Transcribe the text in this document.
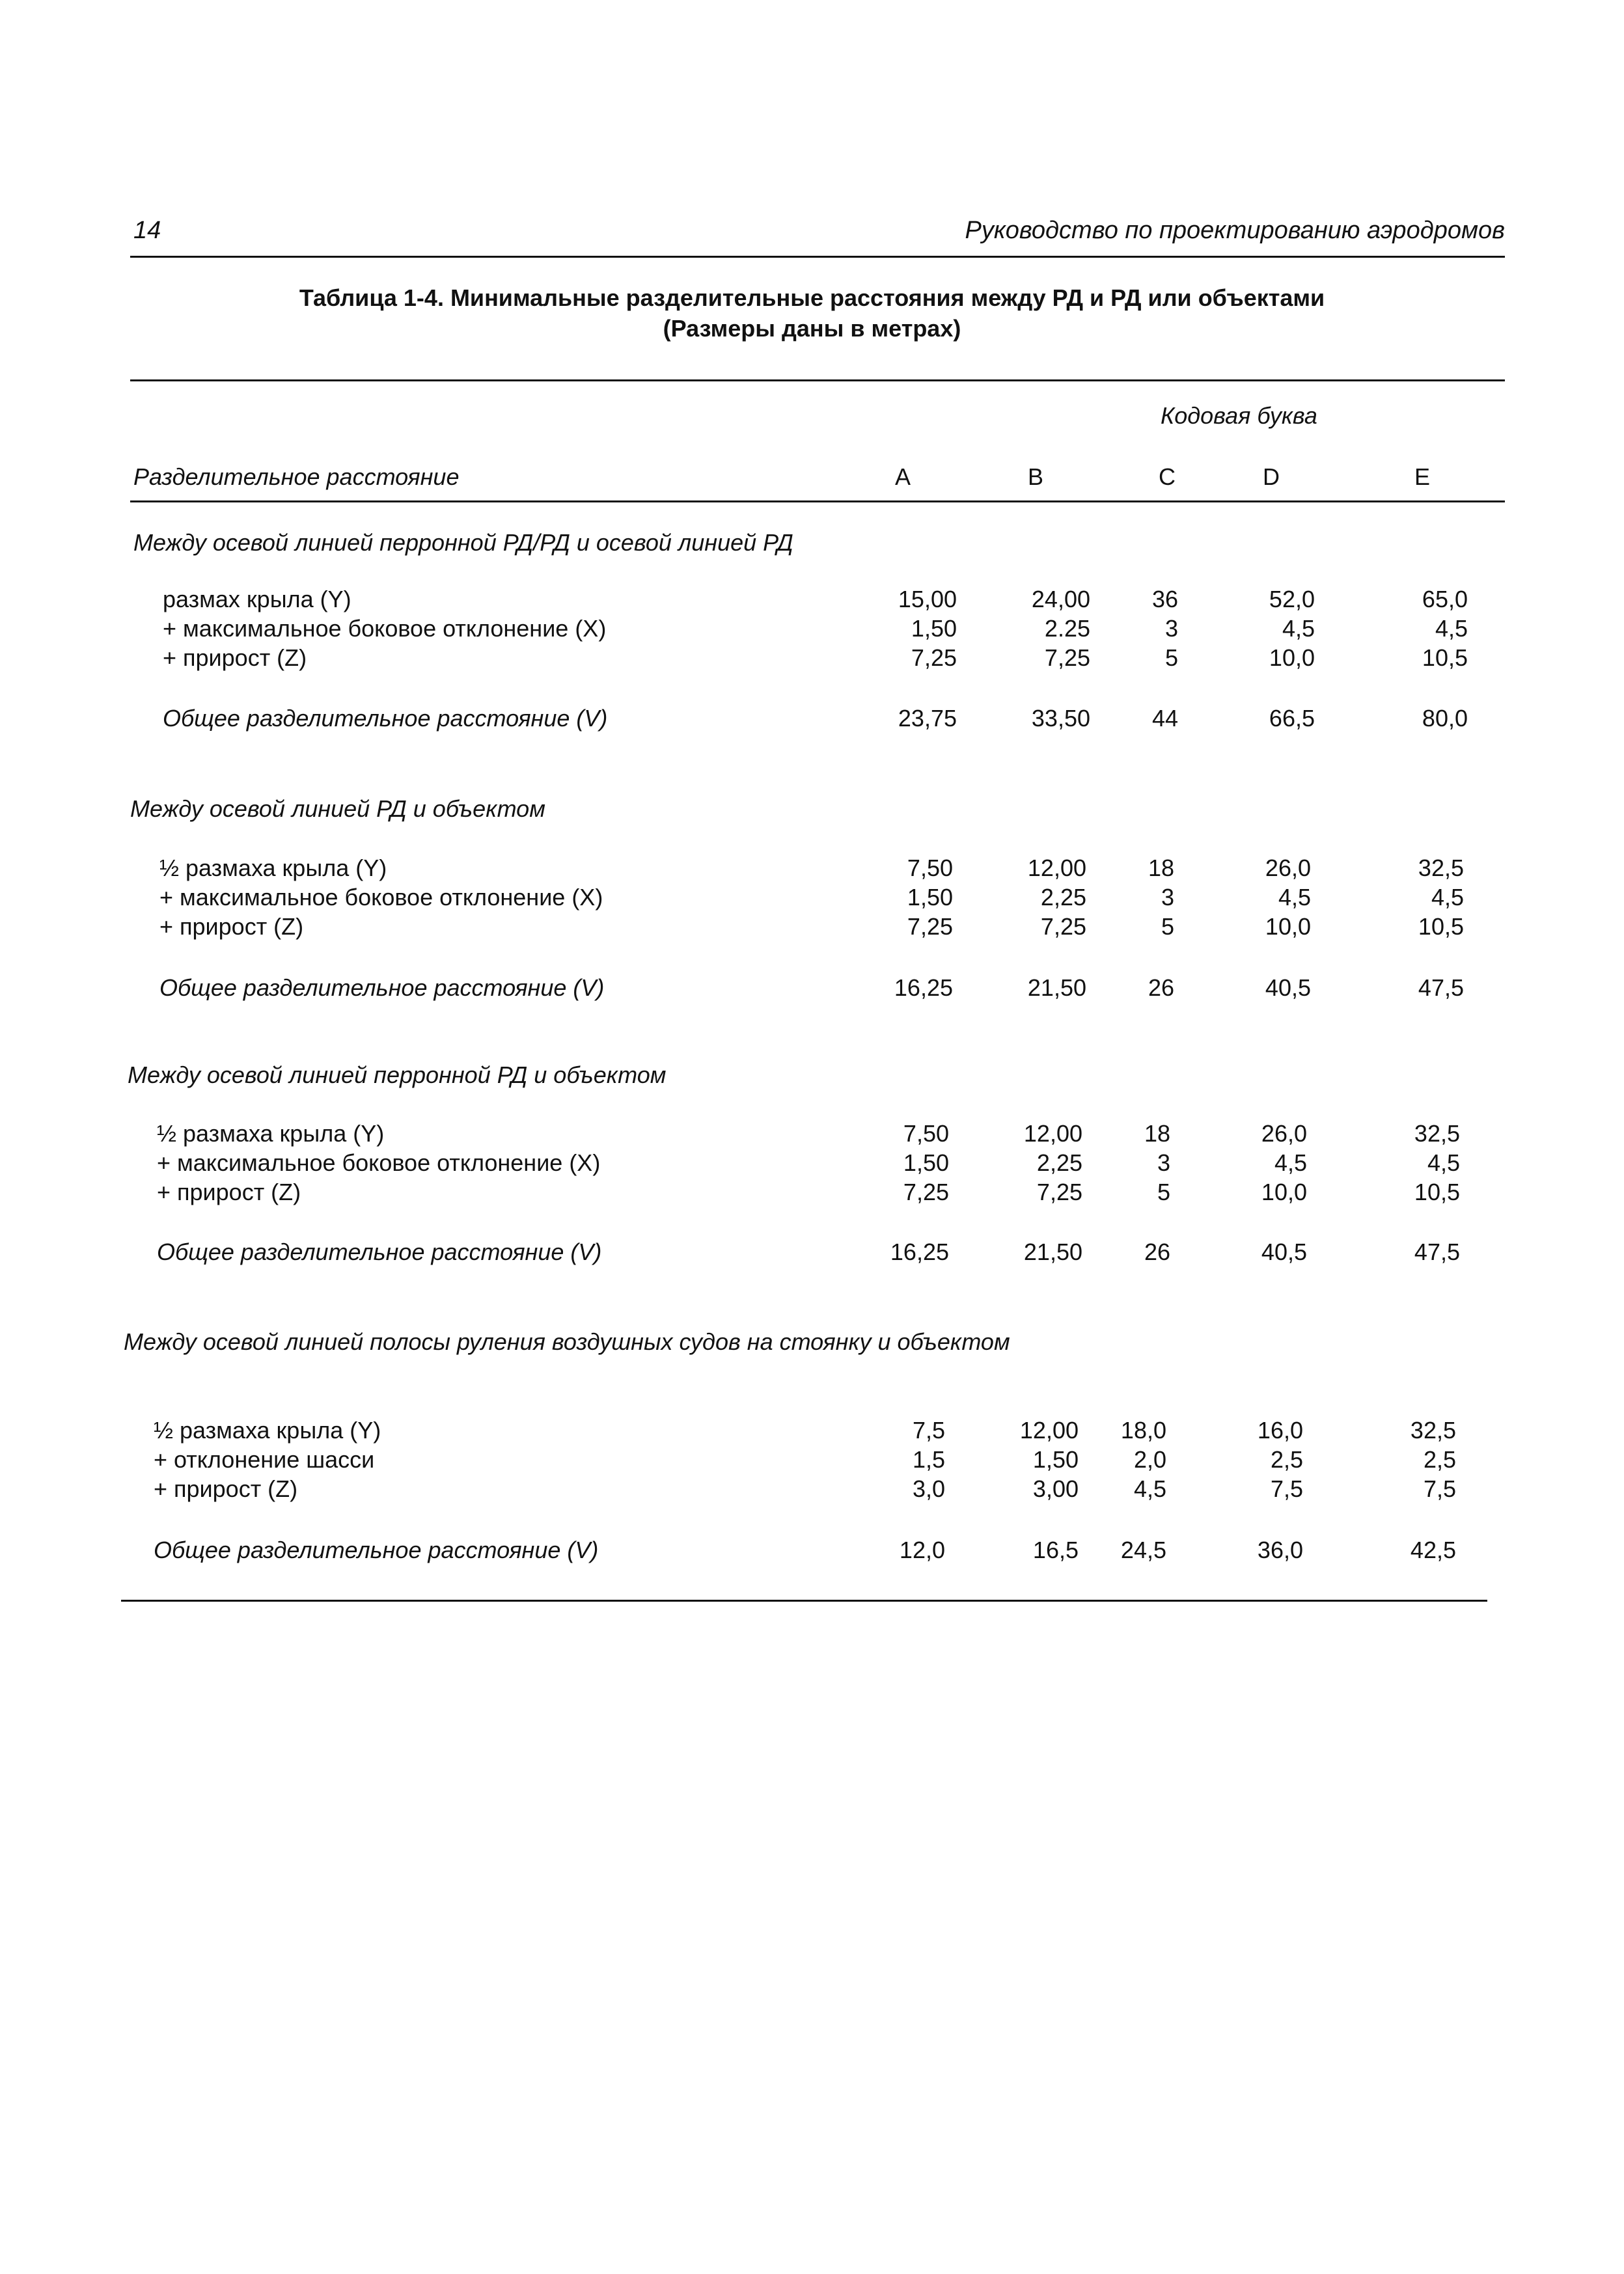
14	Руководство по проектированию аэродромов
Таблица 1-4. Минимальные разделительные расстояния между РД и РД или объектами
(Размеры даны в метрах)
Кодовая буква
Разделительное расстояние	A	B	C	D	E
Между осевой линией перронной РД/РД и осевой линией РД
размах крыла (Y)	15,00	24,00	36	52,0	65,0
+ максимальное боковое отклонение (X)	1,50	2.25	3	4,5	4,5
+ прирост (Z)	7,25	7,25	5	10,0	10,5
Общее разделительное расстояние (V)	23,75	33,50	44	66,5	80,0
Между осевой линией РД и объектом
½ размаха крыла (Y)	7,50	12,00	18	26,0	32,5
+ максимальное боковое отклонение (X)	1,50	2,25	3	4,5	4,5
+ прирост (Z)	7,25	7,25	5	10,0	10,5
Общее разделительное расстояние (V)	16,25	21,50	26	40,5	47,5
Между осевой линией перронной РД и объектом
½ размаха крыла (Y)	7,50	12,00	18	26,0	32,5
+ максимальное боковое отклонение (X)	1,50	2,25	3	4,5	4,5
+ прирост (Z)	7,25	7,25	5	10,0	10,5
Общее разделительное расстояние (V)	16,25	21,50	26	40,5	47,5
Между осевой линией полосы руления воздушных судов на стоянку и объектом
½ размаха крыла (Y)	7,5	12,00	18,0	16,0	32,5
+ отклонение шасси	1,5	1,50	2,0	2,5	2,5
+ прирост (Z)	3,0	3,00	4,5	7,5	7,5
Общее разделительное расстояние (V)	12,0	16,5	24,5	36,0	42,5
